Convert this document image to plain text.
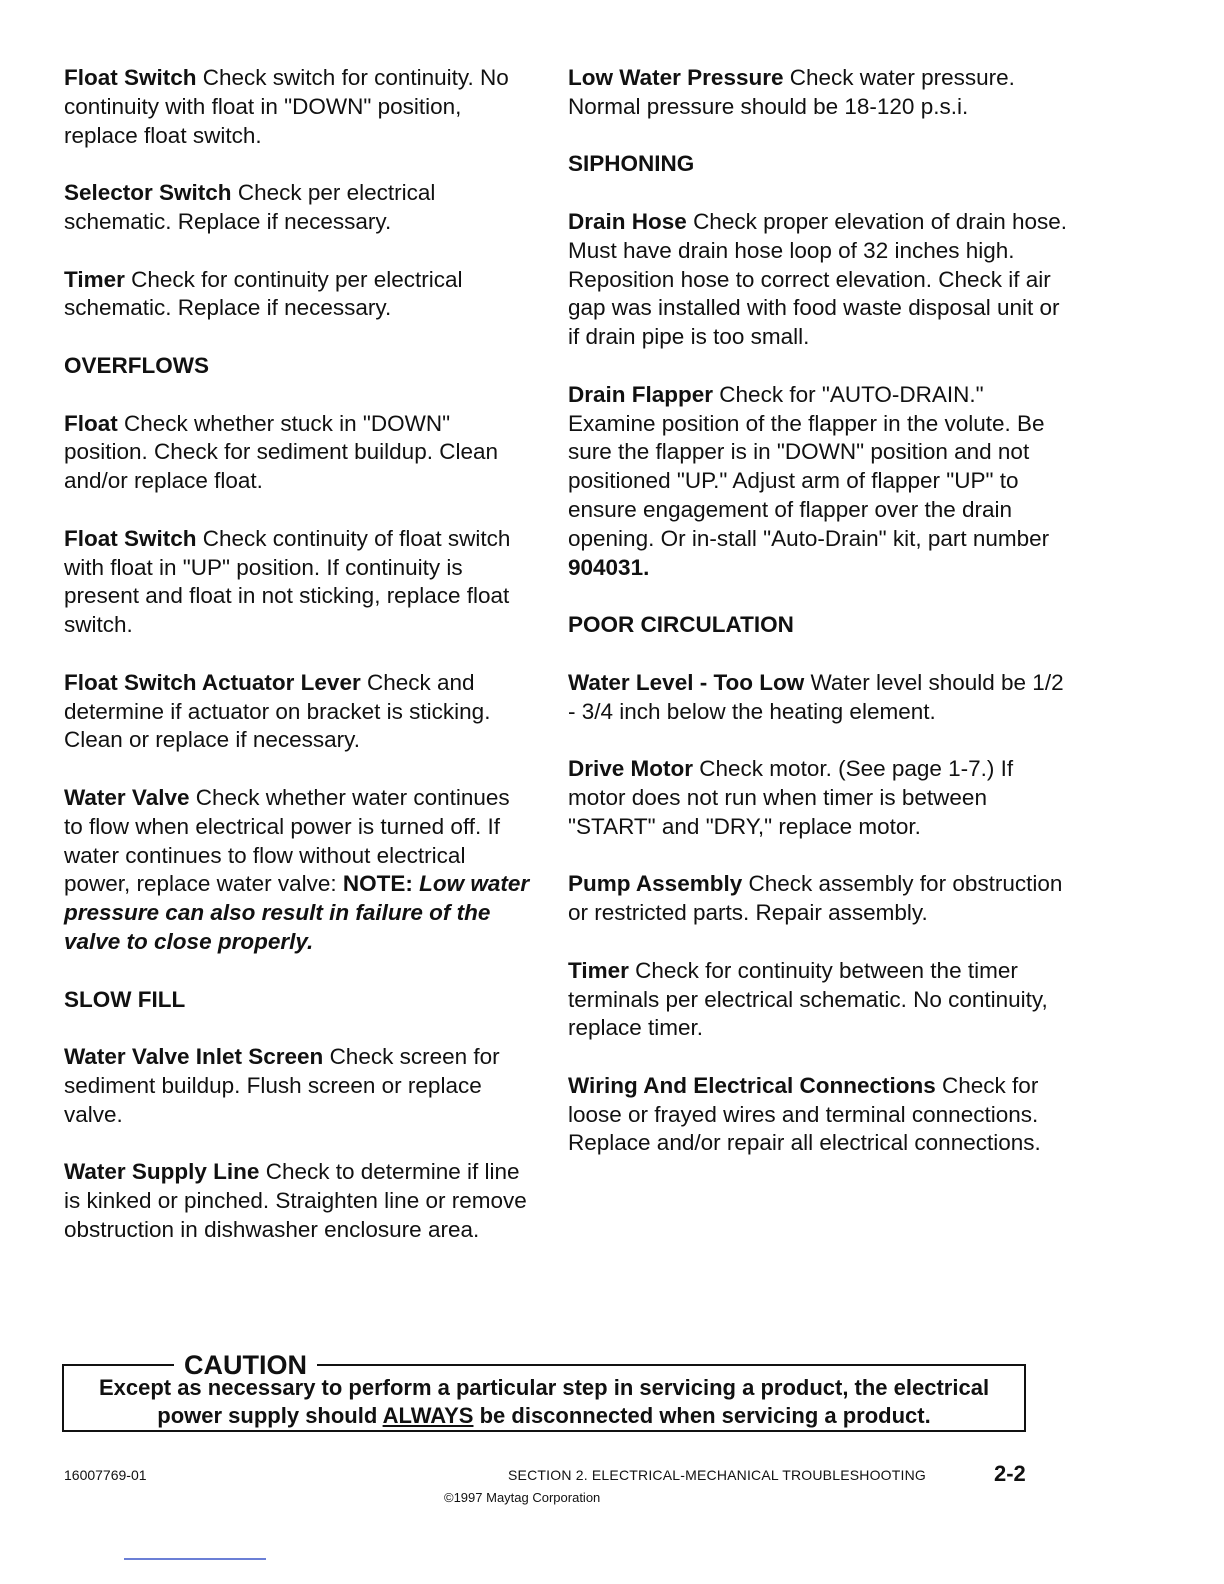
Float Switch Check switch for continuity. No continuity with float in "DOWN" position, replace float switch.

Selector Switch Check per electrical schematic. Replace if necessary.

Timer Check for continuity per electrical schematic. Replace if necessary.

OVERFLOWS

Float Check whether stuck in "DOWN" position. Check for sediment buildup. Clean and/or replace float.

Float Switch Check continuity of float switch with float in "UP" position. If continuity is present and float in not sticking, replace float switch.

Float Switch Actuator Lever Check and determine if actuator on bracket is sticking. Clean or replace if necessary.

Water Valve Check whether water continues to flow when electrical power is turned off. If water continues to flow without electrical power, replace water valve: NOTE: Low water pressure can also result in failure of the valve to close properly.

SLOW FILL

Water Valve Inlet Screen Check screen for sediment buildup. Flush screen or replace valve.

Water Supply Line Check to determine if line is kinked or pinched. Straighten line or remove obstruction in dishwasher enclosure area.

Low Water Pressure Check water pressure. Normal pressure should be 18-120 p.s.i.

SIPHONING

Drain Hose Check proper elevation of drain hose. Must have drain hose loop of 32 inches high. Reposition hose to correct elevation. Check if air gap was installed with food waste disposal unit or if drain pipe is too small.

Drain Flapper Check for "AUTO-DRAIN." Examine position of the flapper in the volute. Be sure the flapper is in "DOWN" position and not positioned "UP." Adjust arm of flapper "UP" to ensure engagement of flapper over the drain opening. Or in-stall "Auto-Drain" kit, part number 904031.

POOR CIRCULATION

Water Level - Too Low Water level should be 1/2 - 3/4 inch below the heating element.

Drive Motor Check motor. (See page 1-7.) If motor does not run when timer is between "START" and "DRY," replace motor.

Pump Assembly Check assembly for obstruction or restricted parts. Repair assembly.

Timer Check for continuity between the timer terminals per electrical schematic. No continuity, replace timer.

Wiring And Electrical Connections Check for loose or frayed wires and terminal connections. Replace and/or repair all electrical connections.

CAUTION
Except as necessary to perform a particular step in servicing a product, the electrical power supply should ALWAYS be disconnected when servicing a product.
16007769-01	SECTION 2. ELECTRICAL-MECHANICAL TROUBLESHOOTING	2-2
©1997 Maytag Corporation
